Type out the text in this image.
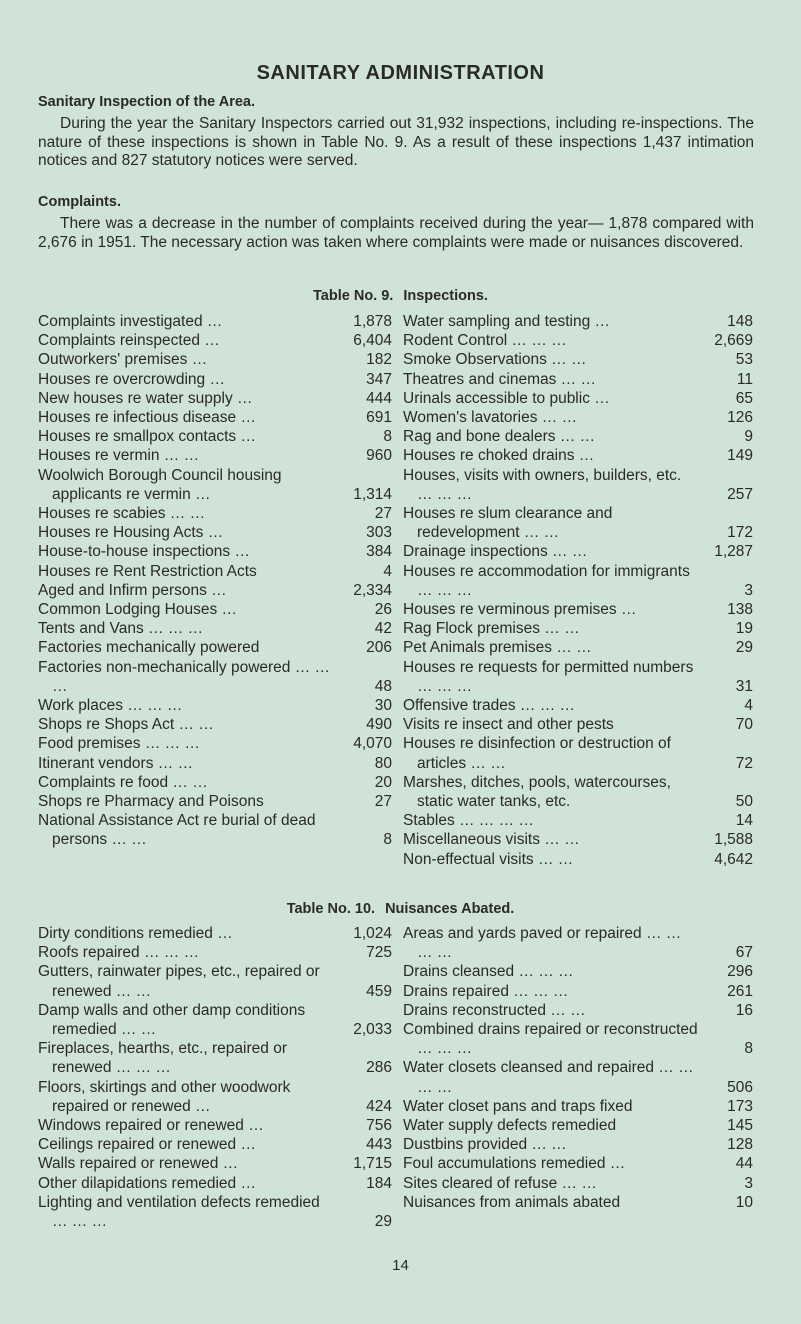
SANITARY ADMINISTRATION
Sanitary Inspection of the Area.
During the year the Sanitary Inspectors carried out 31,932 inspections, including re-inspections. The nature of these inspections is shown in Table No. 9. As a result of these inspections 1,437 intimation notices and 827 statutory notices were served.
Complaints.
There was a decrease in the number of complaints received during the year— 1,878 compared with 2,676 in 1951. The necessary action was taken where complaints were made or nuisances discovered.
Table No. 9. Inspections.
Complaints investigated …	1,878
Complaints reinspected …	6,404
Outworkers' premises …	182
Houses re overcrowding …	347
New houses re water supply …	444
Houses re infectious disease …	691
Houses re smallpox contacts …	8
Houses re vermin … …	960
Woolwich Borough Council housing applicants re vermin …	1,314
Houses re scabies … …	27
Houses re Housing Acts …	303
House-to-house inspections …	384
Houses re Rent Restriction Acts	4
Aged and Infirm persons …	2,334
Common Lodging Houses …	26
Tents and Vans … … …	42
Factories mechanically powered	206
Factories non-mechanically powered … … …	48
Work places … … …	30
Shops re Shops Act … …	490
Food premises … … …	4,070
Itinerant vendors … …	80
Complaints re food … …	20
Shops re Pharmacy and Poisons	27
National Assistance Act re burial of dead persons … …	8
Water sampling and testing …	148
Rodent Control … … …	2,669
Smoke Observations … …	53
Theatres and cinemas … …	11
Urinals accessible to public …	65
Women's lavatories … …	126
Rag and bone dealers … …	9
Houses re choked drains …	149
Houses, visits with owners, builders, etc. … … …	257
Houses re slum clearance and redevelopment … …	172
Drainage inspections … …	1,287
Houses re accommodation for immigrants … … …	3
Houses re verminous premises …	138
Rag Flock premises … …	19
Pet Animals premises … …	29
Houses re requests for permitted numbers … … …	31
Offensive trades … … …	4
Visits re insect and other pests	70
Houses re disinfection or destruction of articles … …	72
Marshes, ditches, pools, watercourses, static water tanks, etc.	50
Stables … … … …	14
Miscellaneous visits … …	1,588
Non-effectual visits … …	4,642
Table No. 10. Nuisances Abated.
Dirty conditions remedied …	1,024
Roofs repaired … … …	725
Gutters, rainwater pipes, etc., repaired or renewed … …	459
Damp walls and other damp conditions remedied … …	2,033
Fireplaces, hearths, etc., repaired or renewed … … …	286
Floors, skirtings and other woodwork repaired or renewed …	424
Windows repaired or renewed …	756
Ceilings repaired or renewed …	443
Walls repaired or renewed …	1,715
Other dilapidations remedied …	184
Lighting and ventilation defects remedied … … …	29
Areas and yards paved or repaired … … … …	67
Drains cleansed … … …	296
Drains repaired … … …	261
Drains reconstructed … …	16
Combined drains repaired or reconstructed … … …	8
Water closets cleansed and repaired … … … …	506
Water closet pans and traps fixed	173
Water supply defects remedied	145
Dustbins provided … …	128
Foul accumulations remedied …	44
Sites cleared of refuse … …	3
Nuisances from animals abated	10
14
